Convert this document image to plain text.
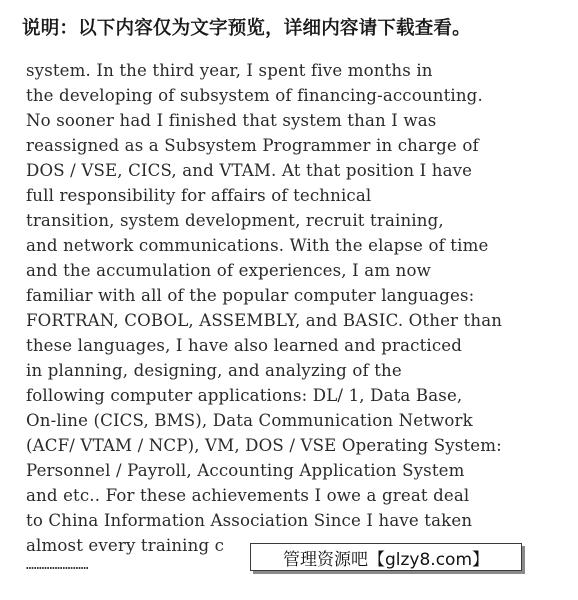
说明：以下内容仅为文字预览，详细内容请下载查看。
system. In the third year, I spent five months in
the developing of subsystem of financing-accounting.
No sooner had I finished that system than I was
reassigned as a Subsystem Programmer in charge of
DOS / VSE, CICS, and VTAM. At that position I have
full responsibility for affairs of technical
transition, system development, recruit training,
and network communications. With the elapse of time
and the accumulation of experiences, I am now
familiar with all of the popular computer languages:
FORTRAN, COBOL, ASSEMBLY, and BASIC. Other than
these languages, I have also learned and practiced
in planning, designing, and analyzing of the
following computer applications: DL/ 1, Data Base,
On-line (CICS, BMS), Data Communication Network
(ACF/ VTAM / NCP), VM, DOS / VSE Operating System:
Personnel / Payroll, Accounting Application System
and etc.. For these achievements I owe a great deal
to China Information Association Since I have taken
almost every training c
……………………	管理资源吧【glzy8.com】
